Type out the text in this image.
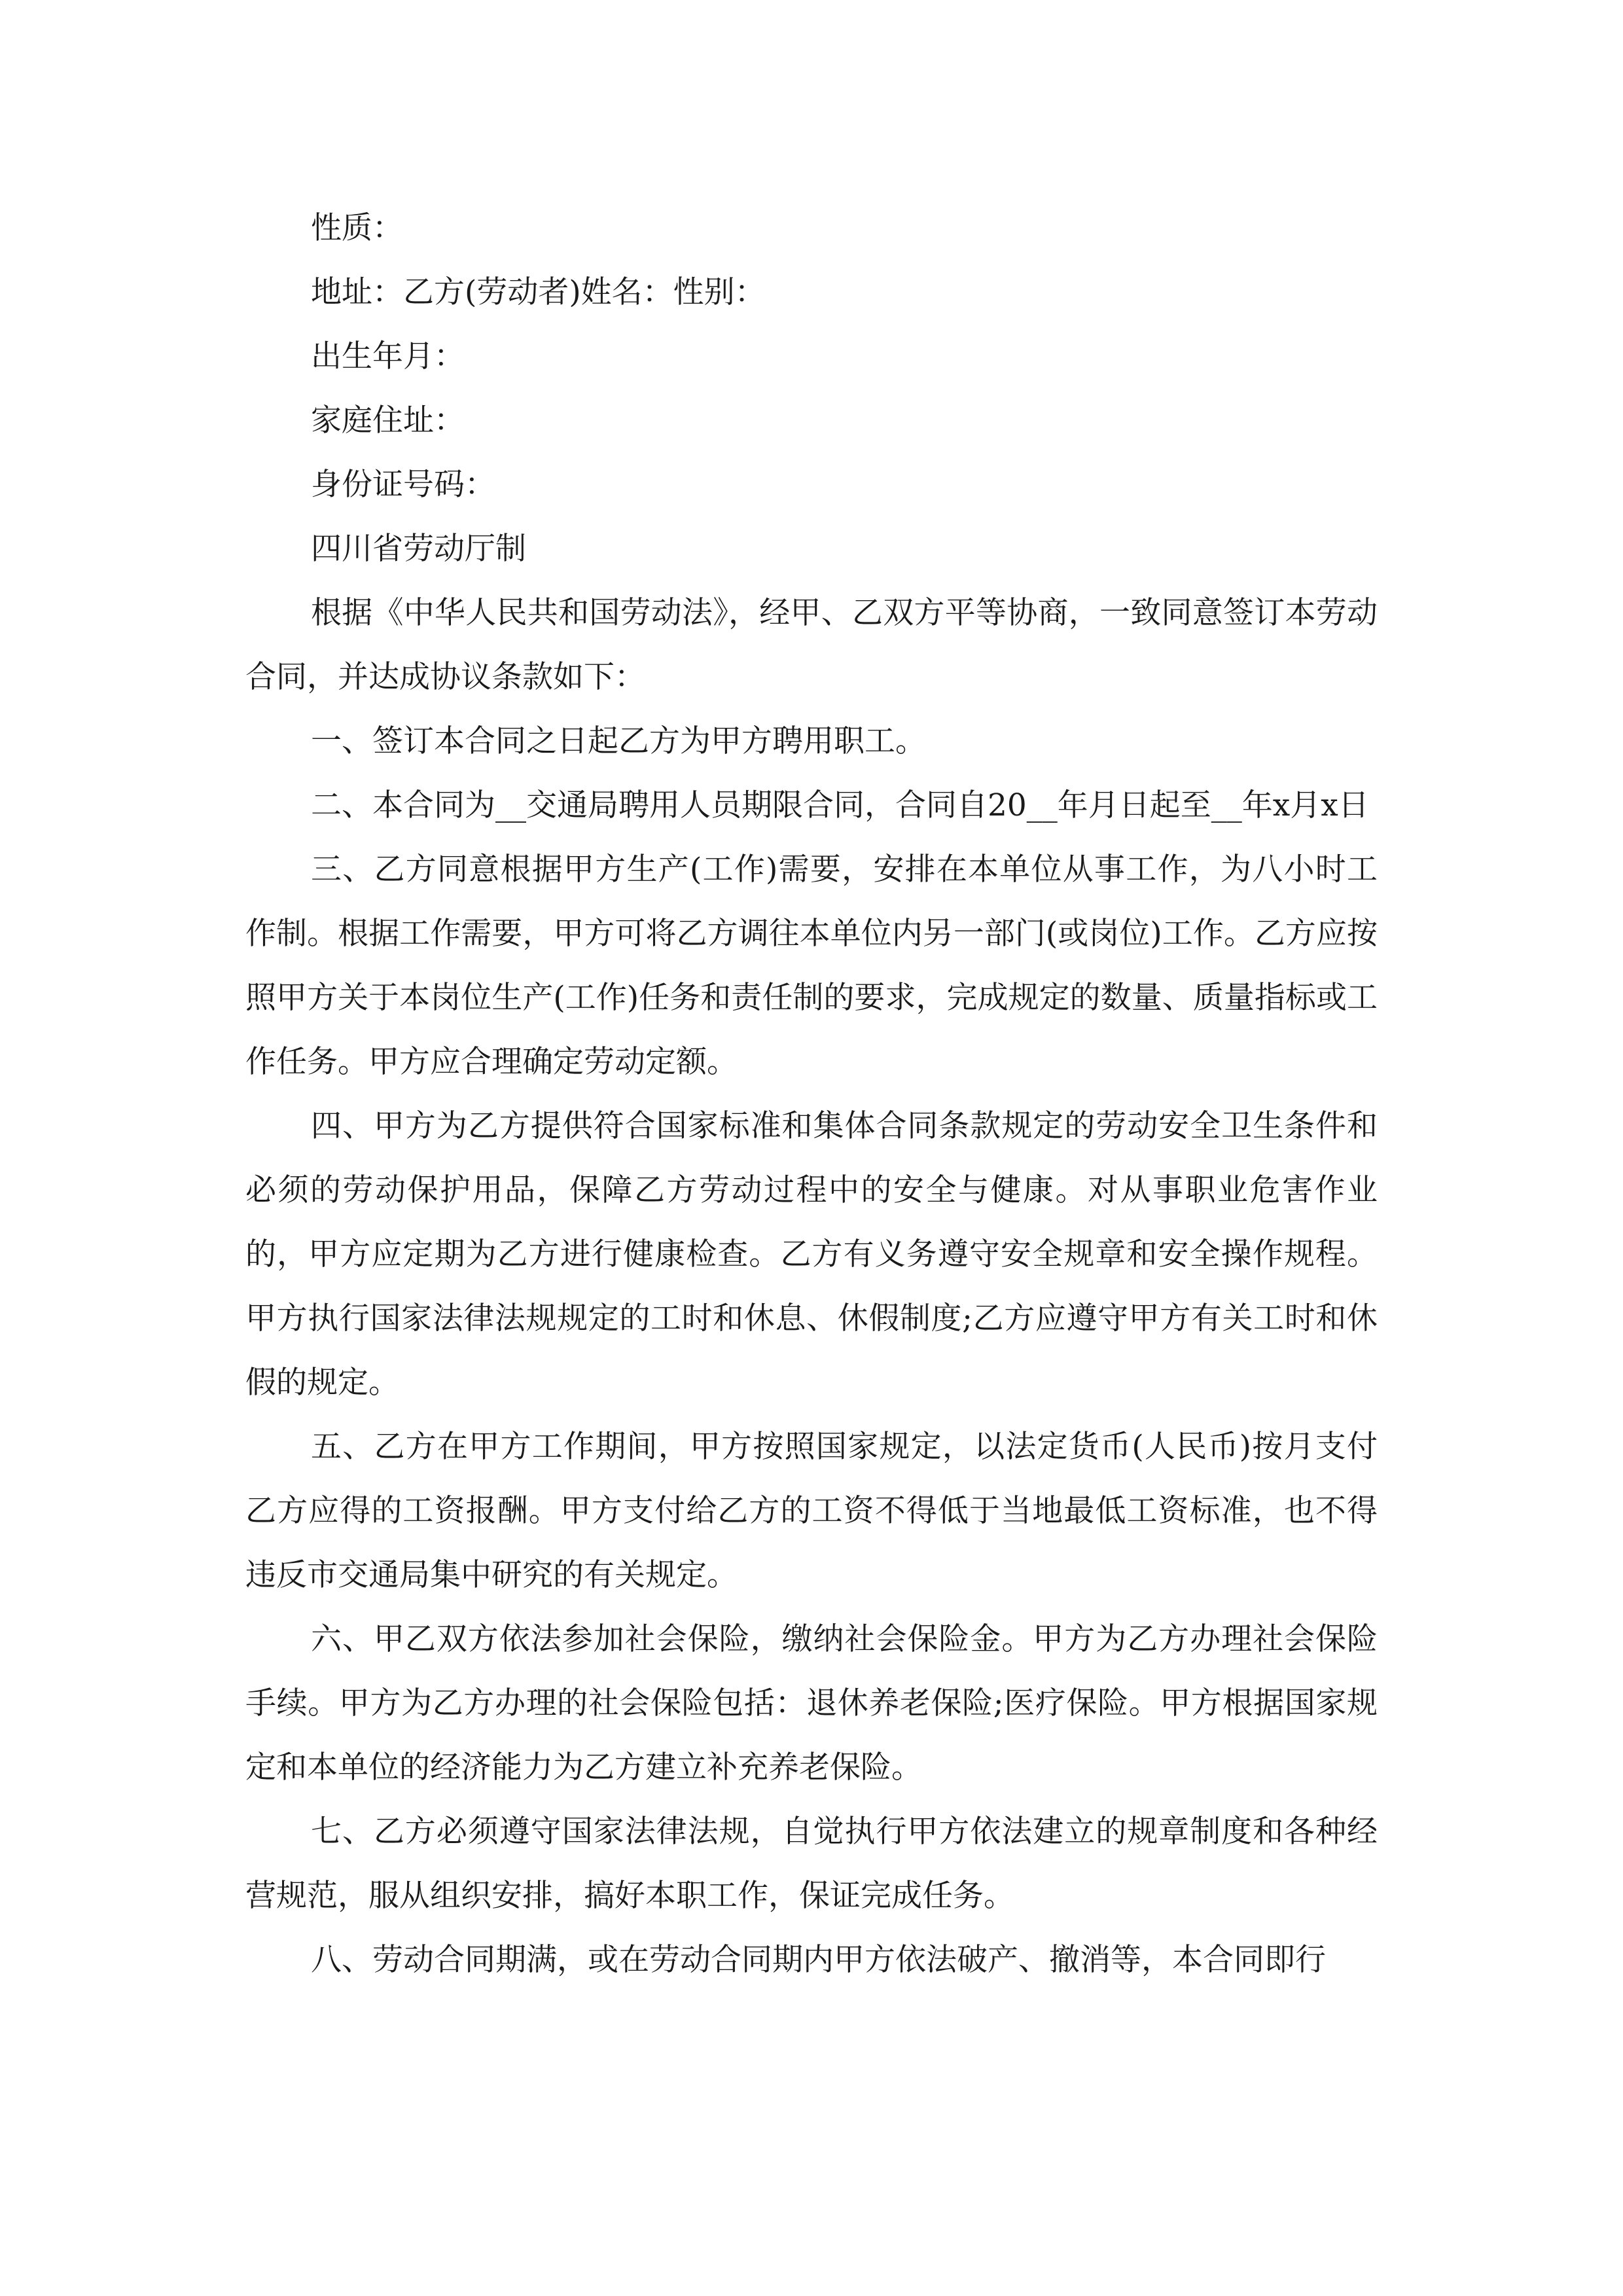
性质：

地址：乙方(劳动者)姓名：性别：

出生年月：

家庭住址：

身份证号码：

四川省劳动厅制

根据《中华人民共和国劳动法》，经甲、乙双方平等协商，一致同意签订本劳动合同，并达成协议条款如下：

一、签订本合同之日起乙方为甲方聘用职工。

二、本合同为__交通局聘用人员期限合同，合同自20__年月日起至__年x月x日

三、乙方同意根据甲方生产(工作)需要，安排在本单位从事工作，为八小时工作制。根据工作需要，甲方可将乙方调往本单位内另一部门(或岗位)工作。乙方应按照甲方关于本岗位生产(工作)任务和责任制的要求，完成规定的数量、质量指标或工作任务。甲方应合理确定劳动定额。

四、甲方为乙方提供符合国家标准和集体合同条款规定的劳动安全卫生条件和必须的劳动保护用品，保障乙方劳动过程中的安全与健康。对从事职业危害作业的，甲方应定期为乙方进行健康检查。乙方有义务遵守安全规章和安全操作规程。甲方执行国家法律法规规定的工时和休息、休假制度;乙方应遵守甲方有关工时和休假的规定。

五、乙方在甲方工作期间，甲方按照国家规定，以法定货币(人民币)按月支付乙方应得的工资报酬。甲方支付给乙方的工资不得低于当地最低工资标准，也不得违反市交通局集中研究的有关规定。

六、甲乙双方依法参加社会保险，缴纳社会保险金。甲方为乙方办理社会保险手续。甲方为乙方办理的社会保险包括：退休养老保险;医疗保险。甲方根据国家规定和本单位的经济能力为乙方建立补充养老保险。

七、乙方必须遵守国家法律法规，自觉执行甲方依法建立的规章制度和各种经营规范，服从组织安排，搞好本职工作，保证完成任务。

八、劳动合同期满，或在劳动合同期内甲方依法破产、撤消等，本合同即行
